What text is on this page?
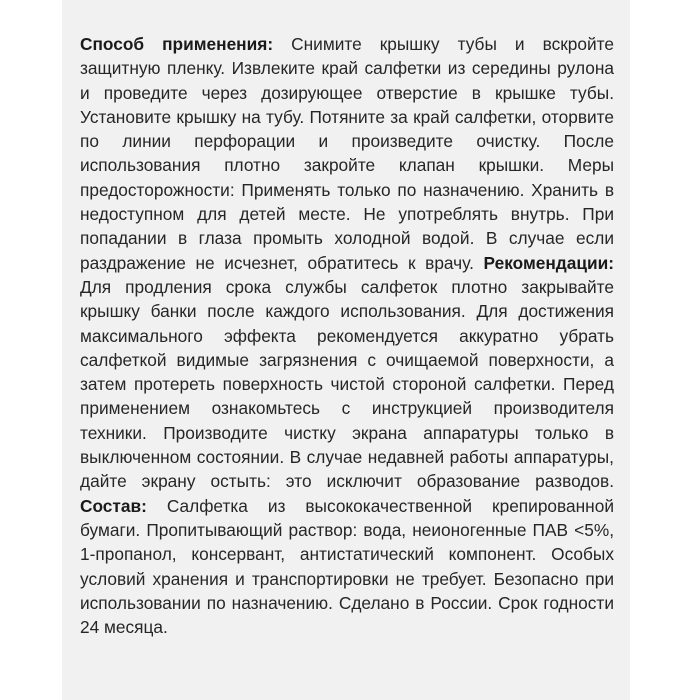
Способ применения: Снимите крышку тубы и вскройте защитную пленку. Извлеките край салфетки из середины рулона и проведите через дозирующее отверстие в крышке тубы. Установите крышку на тубу. Потяните за край салфетки, оторвите по линии перфорации и произведите очистку. После использования плотно закройте клапан крышки. Меры предосторожности: Применять только по назначению. Хранить в недоступном для детей месте. Не употреблять внутрь. При попадании в глаза промыть холодной водой. В случае если раздражение не исчезнет, обратитесь к врачу. Рекомендации: Для продления срока службы салфеток плотно закрывайте крышку банки после каждого использования. Для достижения максимального эффекта рекомендуется аккуратно убрать салфеткой видимые загрязнения с очищаемой поверхности, а затем протереть поверхность чистой стороной салфетки. Перед применением ознакомьтесь с инструкцией производителя техники. Производите чистку экрана аппаратуры только в выключенном состоянии. В случае недавней работы аппаратуры, дайте экрану остыть: это исключит образование разводов. Состав: Салфетка из высококачественной крепированной бумаги. Пропитывающий раствор: вода, неионогенные ПАВ <5%, 1-пропанол, консервант, антистатический компонент. Особых условий хранения и транспортировки не требует. Безопасно при использовании по назначению. Сделано в России. Срок годности 24 месяца.
